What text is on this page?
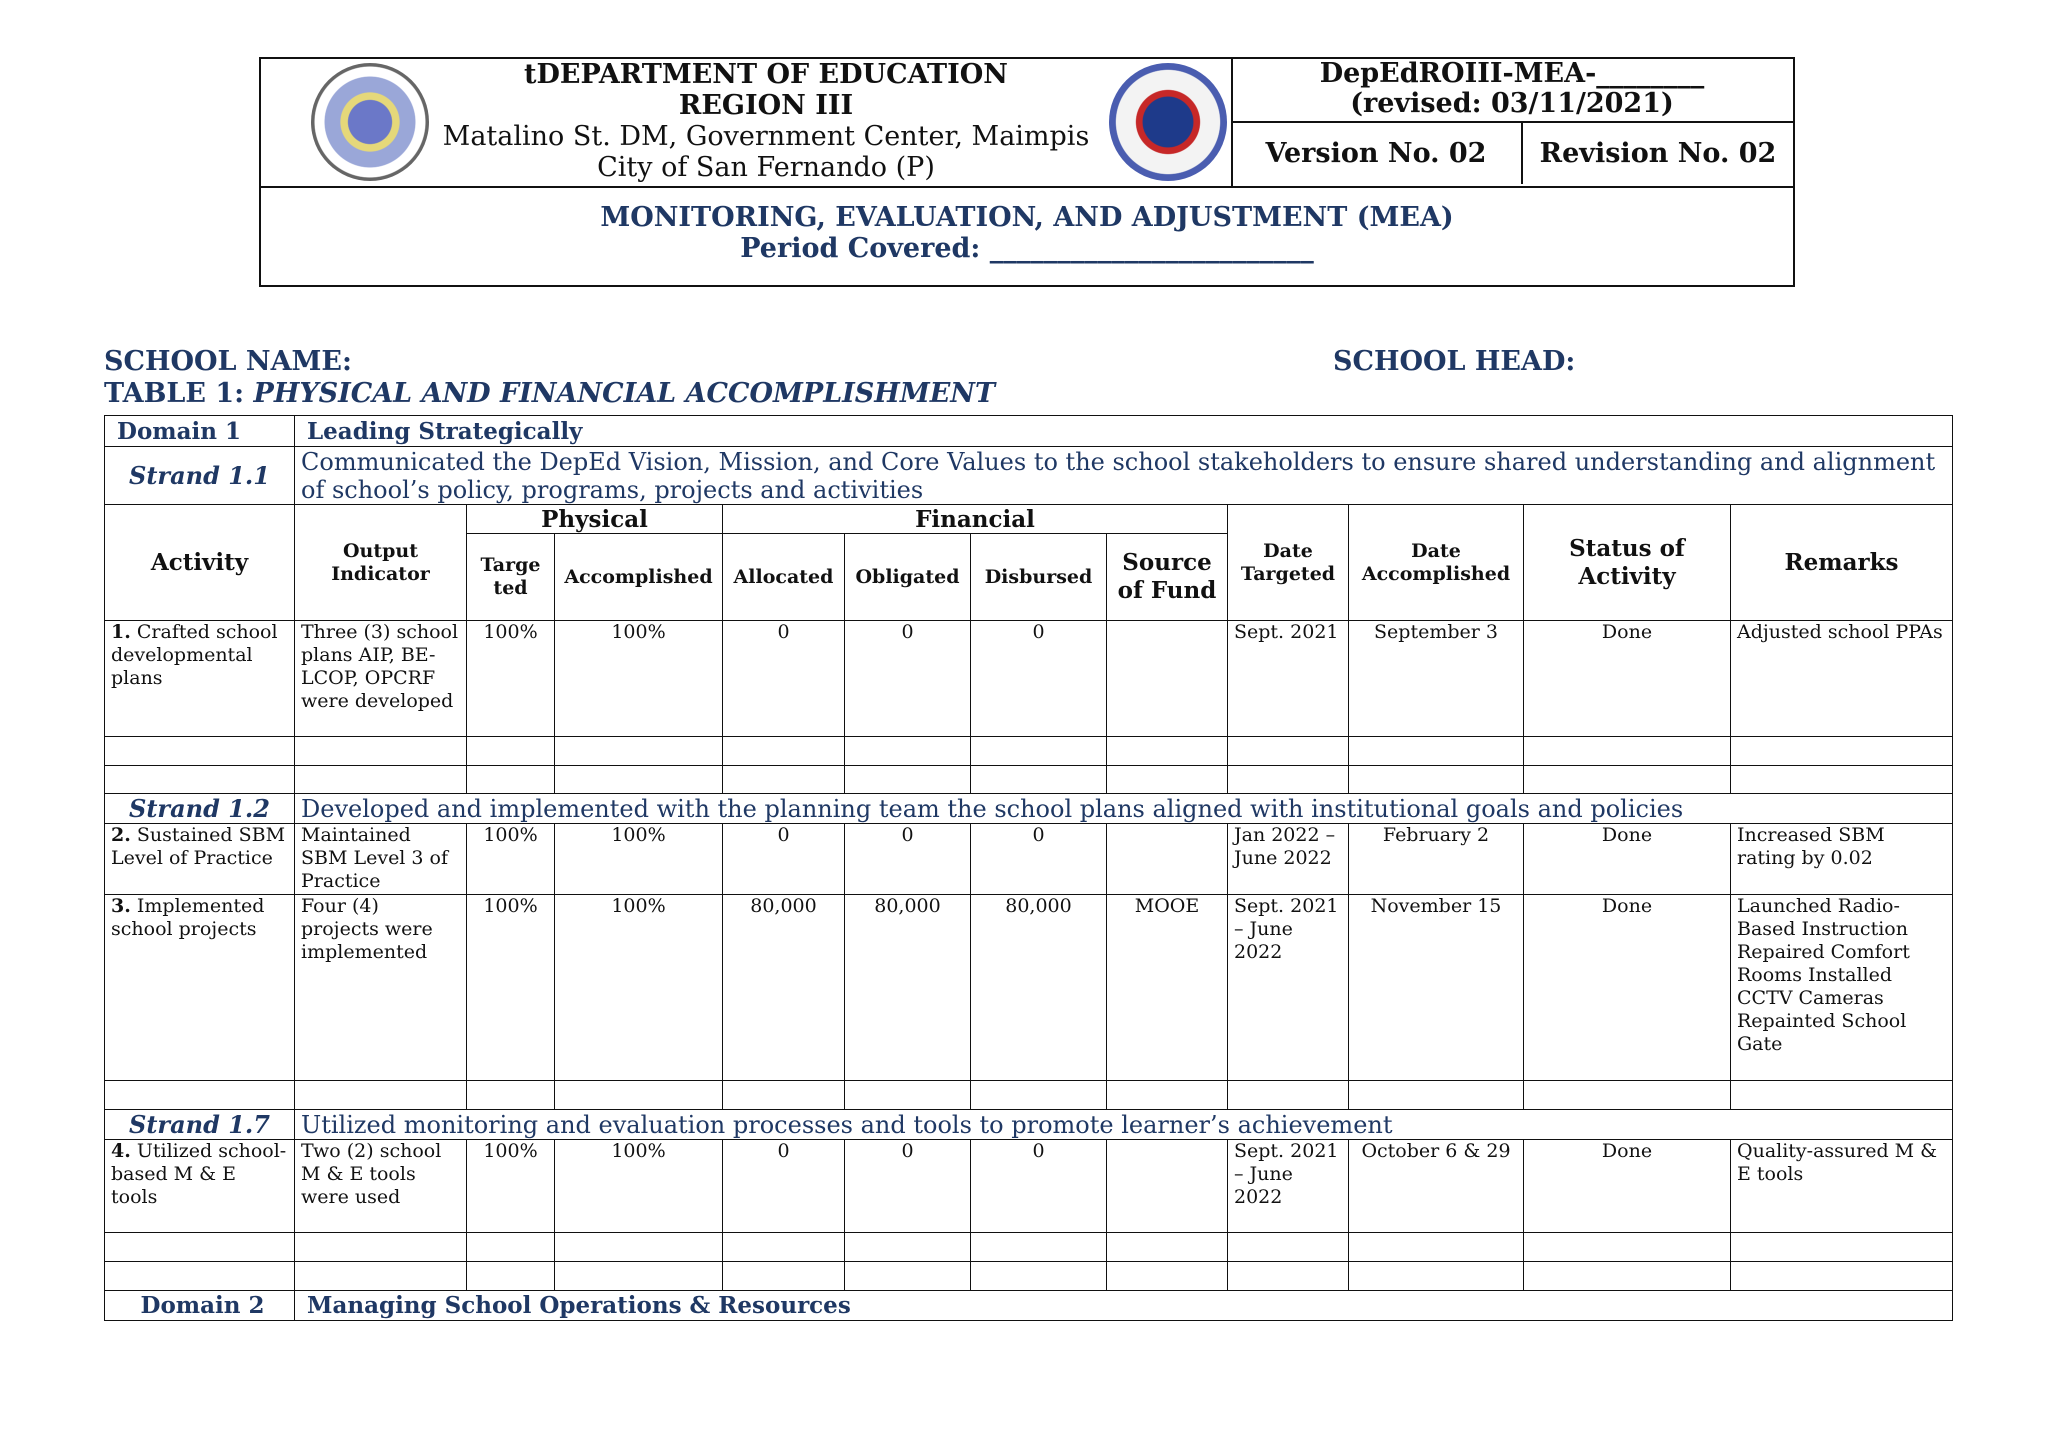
tDEPARTMENT OF EDUCATION
REGION III
Matalino St. DM, Government Center, Maimpis
City of San Fernando (P)
DepEdROIII-MEA-________
(revised: 03/11/2021)
Version No. 02	Revision No. 02
MONITORING, EVALUATION, AND ADJUSTMENT (MEA)
Period Covered: ________________________
SCHOOL NAME:	SCHOOL HEAD:
TABLE 1: PHYSICAL AND FINANCIAL ACCOMPLISHMENT
Domain 1	Leading Strategically										
Strand 1.1	Communicated the DepEd Vision, Mission, and Core Values to the school stakeholders to ensure shared understanding and alignment of school’s policy, programs, projects and activities										
Activity	Output Indicator	Physical		Financial				Date Targeted	Date Accomplished	Status of Activity	Remarks
		Targe ted	Accomplished	Allocated	Obligated	Disbursed	Source of Fund				
1. Crafted school developmental plans	Three (3) school plans AIP, BE-LCOP, OPCRF were developed	100%	100%	0	0	0		Sept. 2021	September 3	Done	Adjusted school PPAs

Strand 1.2	Developed and implemented with the planning team the school plans aligned with institutional goals and policies										
2. Sustained SBM Level of Practice	Maintained SBM Level 3 of Practice	100%	100%	0	0	0		Jan 2022 – June 2022	February 2	Done	Increased SBM rating by 0.02
3. Implemented school projects	Four (4) projects were implemented	100%	100%	80,000	80,000	80,000	MOOE	Sept. 2021 – June 2022	November 15	Done	Launched Radio-Based Instruction Repaired Comfort Rooms Installed CCTV Cameras Repainted School Gate

Strand 1.7	Utilized monitoring and evaluation processes and tools to promote learner’s achievement										
4. Utilized school-based M & E tools	Two (2) school M & E tools were used	100%	100%	0	0	0		Sept. 2021 – June 2022	October 6 & 29	Done	Quality-assured M & E tools

Domain 2	Managing School Operations & Resources										
